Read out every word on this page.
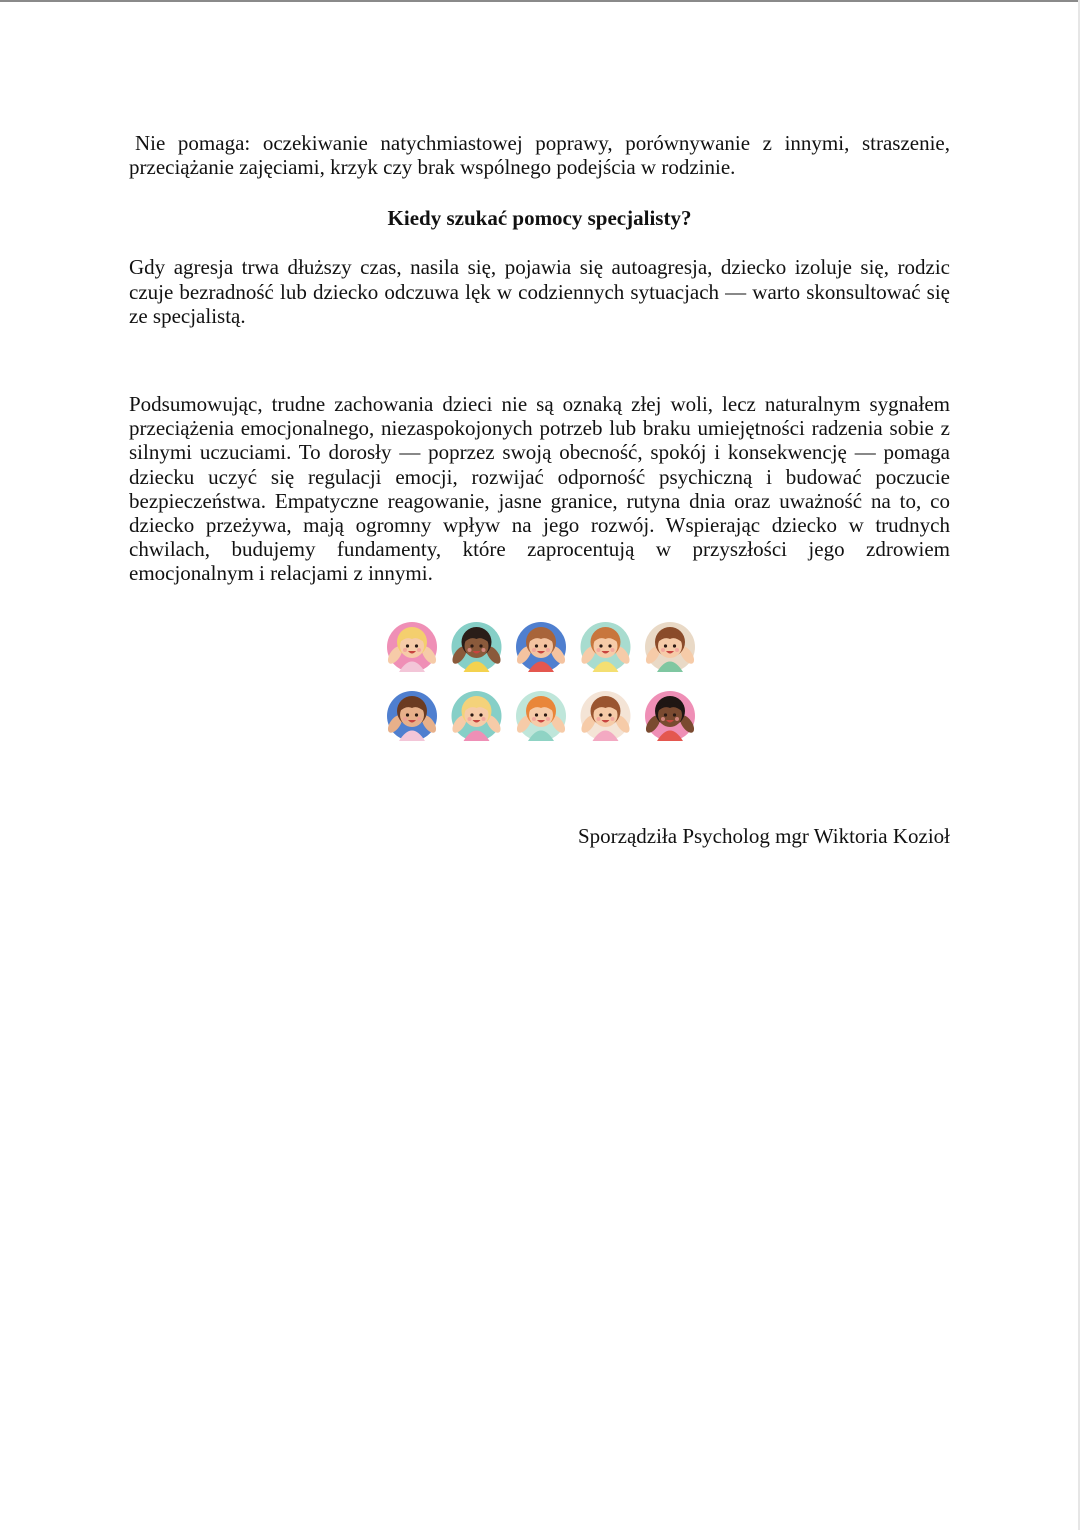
Nie pomaga: oczekiwanie natychmiastowej poprawy, porównywanie z innymi, straszenie, przeciążanie zajęciami, krzyk czy brak wspólnego podejścia w rodzinie.

Kiedy szukać pomocy specjalisty?

Gdy agresja trwa dłuższy czas, nasila się, pojawia się autoagresja, dziecko izoluje się, rodzic czuje bezradność lub dziecko odczuwa lęk w codziennych sytuacjach — warto skonsultować się ze specjalistą.

Podsumowując, trudne zachowania dzieci nie są oznaką złej woli, lecz naturalnym sygnałem przeciążenia emocjonalnego, niezaspokojonych potrzeb lub braku umiejętności radzenia sobie z silnymi uczuciami. To dorosły — poprzez swoją obecność, spokój i konsekwencję — pomaga dziecku uczyć się regulacji emocji, rozwijać odporność psychiczną i budować poczucie bezpieczeństwa. Empatyczne reagowanie, jasne granice, rutyna dnia oraz uważność na to, co dziecko przeżywa, mają ogromny wpływ na jego rozwój. Wspierając dziecko w trudnych chwilach, budujemy fundamenty, które zaprocentują w przyszłości jego zdrowiem emocjonalnym i relacjami z innymi.

Sporządziła Psycholog mgr Wiktoria Kozioł
